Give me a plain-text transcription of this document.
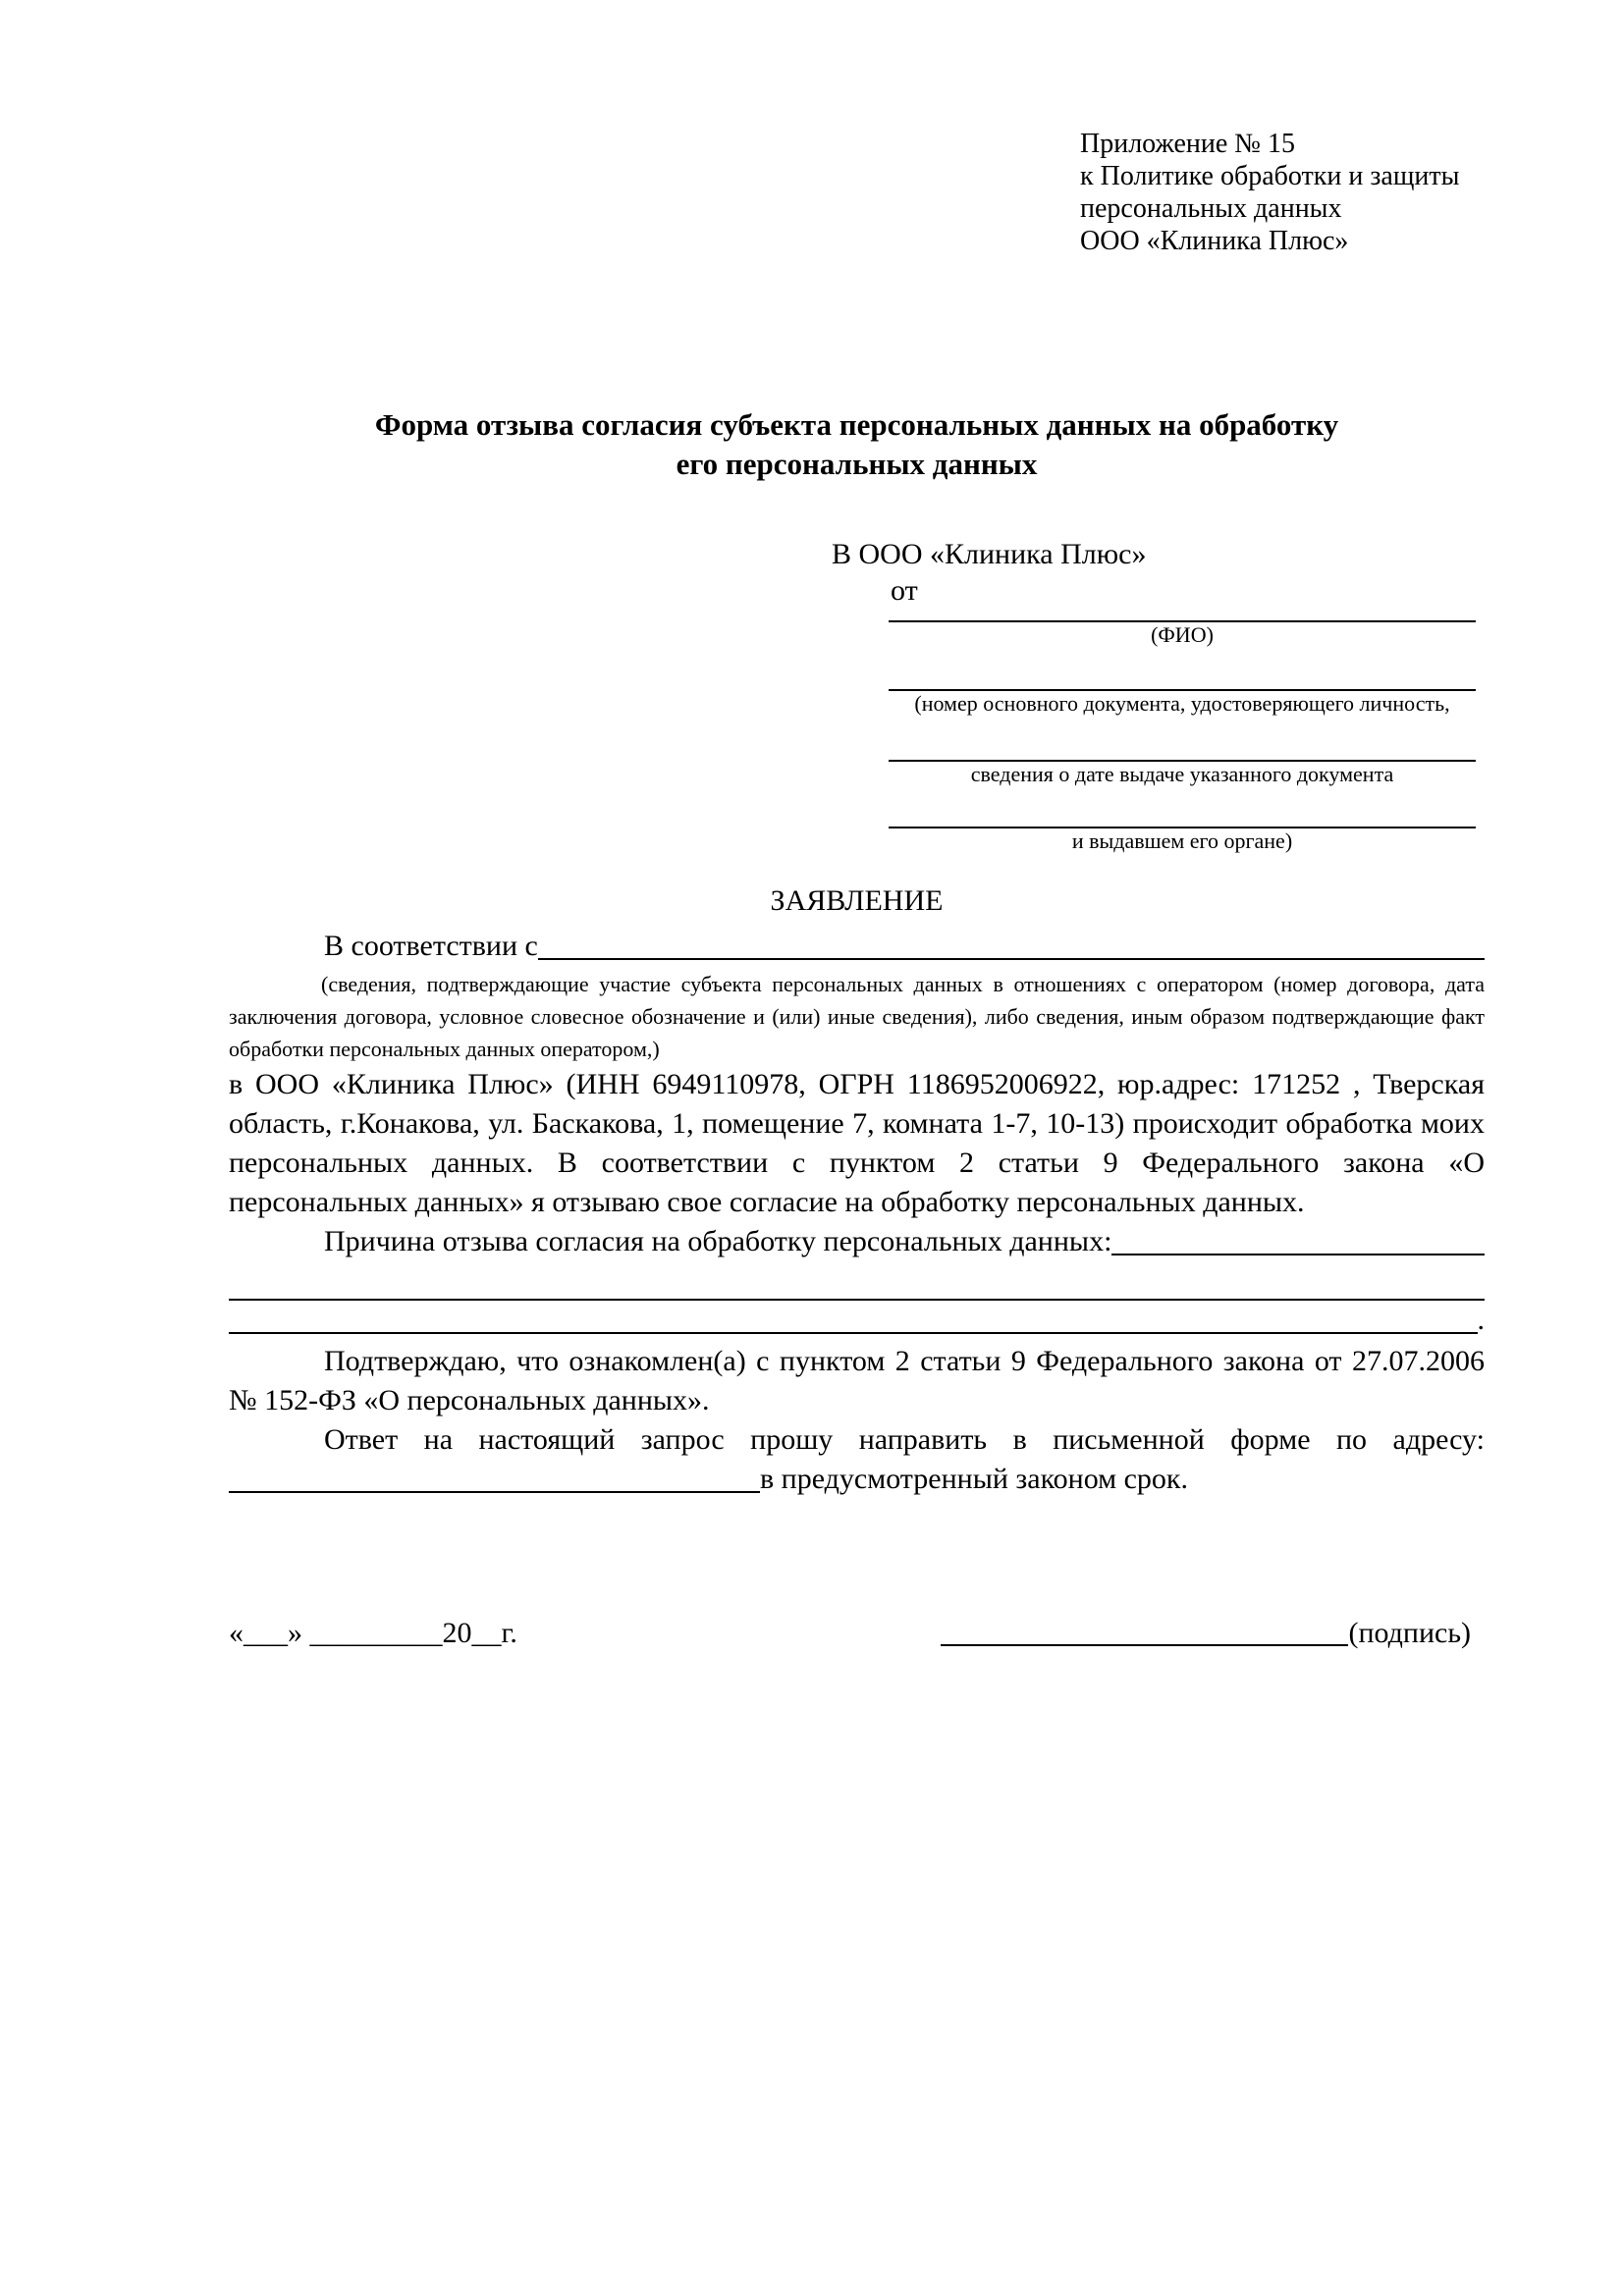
Приложение № 15
к Политике обработки и защиты
персональных данных
ООО «Клиника Плюс»
Форма отзыва согласия субъекта персональных данных на обработку
его персональных данных
В ООО «Клиника Плюс»
от
(ФИО)
(номер основного документа, удостоверяющего личность,
сведения о дате выдаче указанного документа
и выдавшем его органе)
ЗАЯВЛЕНИЕ
В соответствии с
(сведения, подтверждающие участие субъекта персональных данных в отношениях с оператором (номер договора, дата заключения договора, условное словесное обозначение и (или) иные сведения), либо сведения, иным образом подтверждающие факт обработки персональных данных оператором,)

в ООО «Клиника Плюс» (ИНН 6949110978, ОГРН 1186952006922, юр.адрес: 171252 , Тверская область, г.Конакова, ул. Баскакова, 1, помещение 7, комната 1-7, 10-13) происходит обработка моих персональных данных. В соответствии с пунктом 2 статьи 9 Федерального закона «О персональных данных» я отзываю свое согласие на обработку персональных данных.

Причина отзыва согласия на обработку персональных данных:
.

Подтверждаю, что ознакомлен(а) с пунктом 2 статьи 9 Федерального закона от 27.07.2006 № 152-ФЗ «О персональных данных».

Ответ на настоящий запрос прошу направить в письменной форме по адресу:

в предусмотренный законом срок.
«___» _________20__г.	(подпись)
